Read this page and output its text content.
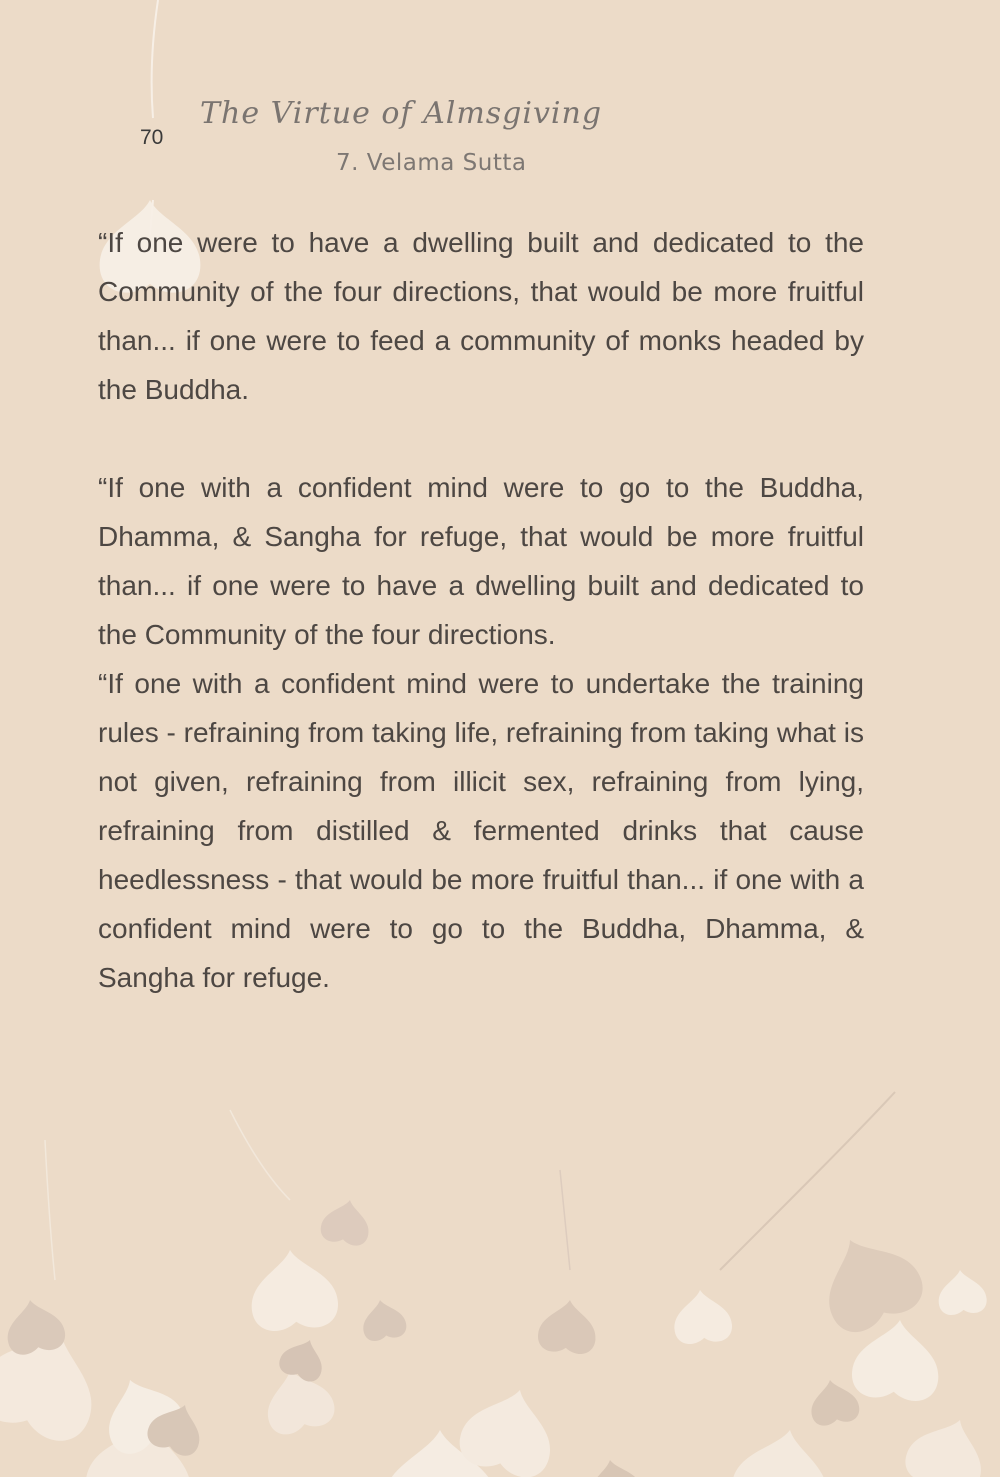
70
The Virtue of Almsgiving
7. Velama Sutta

“If one were to have a dwelling built and dedicated to the Community of the four directions, that would be more fruitful than... if one were to feed a community of monks headed by the Buddha.

“If one with a confident mind were to go to the Buddha, Dhamma, & Sangha for refuge, that would be more fruitful than... if one were to have a dwelling built and dedicated to the Community of the four directions.

“If one with a confident mind were to undertake the training rules - refraining from taking life, refraining from taking what is not given, refraining from illicit sex, refraining from lying, refraining from distilled & fermented drinks that cause heedlessness - that would be more fruitful than... if one with a confident mind were to go to the Buddha, Dhamma, & Sangha for refuge.
